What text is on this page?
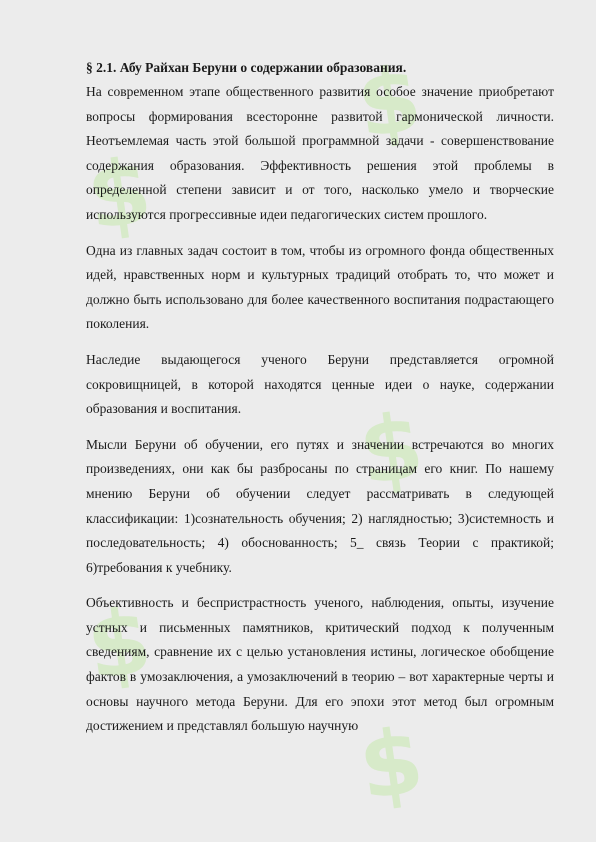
$
$
$
$
$
§ 2.1. Абу Райхан Беруни о содержании образования.

На современном этапе общественного развития особое значение приобретают вопросы формирования всесторонне развитой гармонической личности. Неотъемлемая часть этой большой программной задачи - совершенствование содержания образования. Эффективность решения этой проблемы в определенной степени зависит и от того, насколько умело и творческие используются прогрессивные идеи педагогических систем прошлого.

Одна из главных задач состоит в том, чтобы из огромного фонда общественных идей, нравственных норм и культурных традиций отобрать то, что может и должно быть использовано для более качественного воспитания подрастающего поколения.

Наследие выдающегося ученого Беруни представляется огромной сокровищницей, в которой находятся ценные идеи о науке, содержании образования и воспитания.

Мысли Беруни об обучении, его путях и значении встречаются во многих произведениях, они как бы разбросаны по страницам его книг. По нашему мнению Беруни об обучении следует рассматривать в следующей классификации: 1)сознательность обучения; 2) наглядностью; 3)системность и последовательность; 4) обоснованность; 5_ связь Теории с практикой; 6)требования к учебнику.

Объективность и беспристрастность ученого, наблюдения, опыты, изучение устных и письменных памятников, критический подход к полученным сведениям, сравнение их с целью установления истины, логическое обобщение фактов в умозаключения, а умозаключений в теорию – вот характерные черты и основы научного метода Беруни. Для его эпохи этот метод был огромным достижением и представлял большую научную
